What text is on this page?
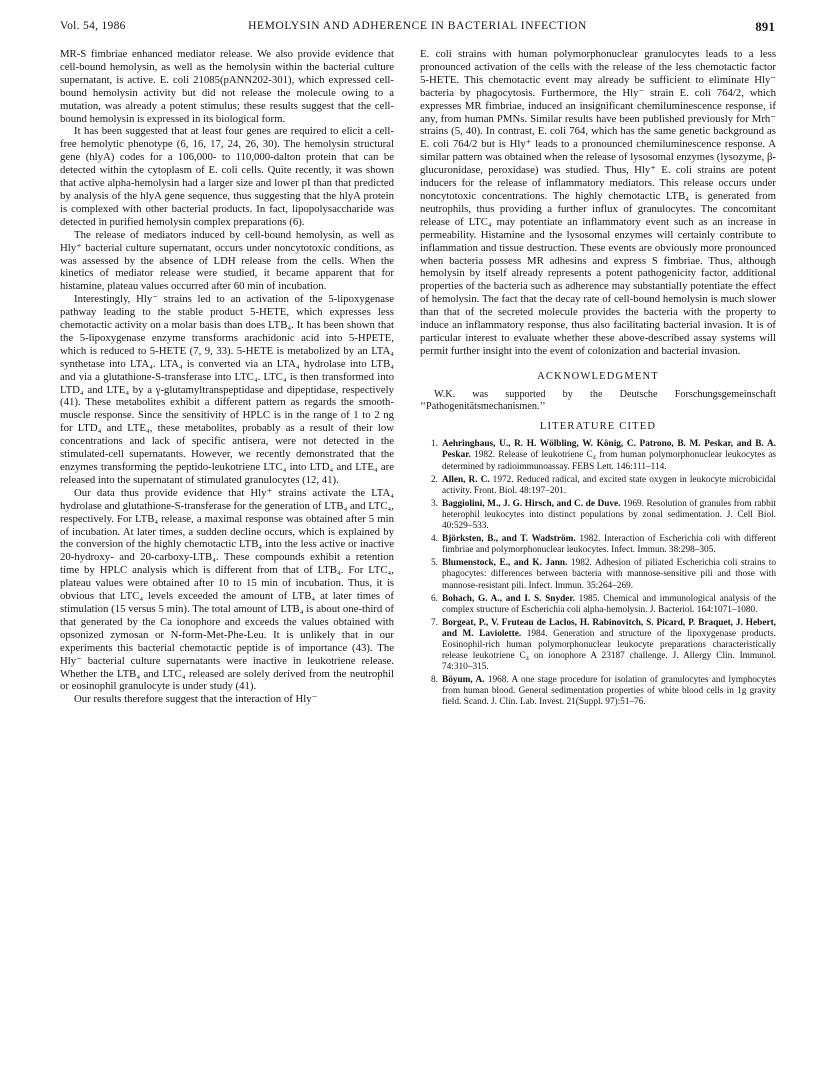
Vol. 54, 1986	HEMOLYSIN AND ADHERENCE IN BACTERIAL INFECTION	891

MR-S fimbriae enhanced mediator release. We also provide evidence that cell-bound hemolysin, as well as the hemolysin within the bacterial culture supernatant, is active. E. coli 21085(pANN202-301), which expressed cell-bound hemolysin activity but did not release the molecule owing to a mutation, was already a potent stimulus; these results suggest that the cell-bound hemolysin is expressed in its biological form.

It has been suggested that at least four genes are required to elicit a cell-free hemolytic phenotype (6, 16, 17, 24, 26, 30). The hemolysin structural gene (hlyA) codes for a 106,000- to 110,000-dalton protein that can be detected within the cytoplasm of E. coli cells. Quite recently, it was shown that active alpha-hemolysin had a larger size and lower pI than that predicted by analysis of the hlyA gene sequence, thus suggesting that the hlyA protein is complexed with other bacterial products. In fact, lipopolysaccharide was detected in purified hemolysin complex preparations (6).

The release of mediators induced by cell-bound hemolysin, as well as Hly⁺ bacterial culture supernatant, occurs under noncytotoxic conditions, as was assessed by the absence of LDH release from the cells. When the kinetics of mediator release were studied, it became apparent that for histamine, plateau values occurred after 60 min of incubation.

Interestingly, Hly⁻ strains led to an activation of the 5-lipoxygenase pathway leading to the stable product 5-HETE, which expresses less chemotactic activity on a molar basis than does LTB₄. It has been shown that the 5-lipoxygenase enzyme transforms arachidonic acid into 5-HPETE, which is reduced to 5-HETE (7, 9, 33). 5-HETE is metabolized by an LTA₄ synthetase into LTA₄. LTA₄ is converted via an LTA₄ hydrolase into LTB₄ and via a glutathione-S-transferase into LTC₄. LTC₄ is then transformed into LTD₄ and LTE₄ by a γ-glutamyltranspeptidase and dipeptidase, respectively (41). These metabolites exhibit a different pattern as regards the smooth-muscle response. Since the sensitivity of HPLC is in the range of 1 to 2 ng for LTD₄ and LTE₄, these metabolites, probably as a result of their low concentrations and lack of specific antisera, were not detected in the stimulated-cell supernatants. However, we recently demonstrated that the enzymes transforming the peptido-leukotriene LTC₄ into LTD₄ and LTE₄ are released into the supernatant of stimulated granulocytes (12, 41).

Our data thus provide evidence that Hly⁺ strains activate the LTA₄ hydrolase and glutathione-S-transferase for the generation of LTB₄ and LTC₄, respectively. For LTB₄ release, a maximal response was obtained after 5 min of incubation. At later times, a sudden decline occurs, which is explained by the conversion of the highly chemotactic LTB₄ into the less active or inactive 20-hydroxy- and 20-carboxy-LTB₄. These compounds exhibit a retention time by HPLC analysis which is different from that of LTB₄. For LTC₄, plateau values were obtained after 10 to 15 min of incubation. Thus, it is obvious that LTC₄ levels exceeded the amount of LTB₄ at later times of stimulation (15 versus 5 min). The total amount of LTB₄ is about one-third of that generated by the Ca ionophore and exceeds the values obtained with opsonized zymosan or N-form-Met-Phe-Leu. It is unlikely that in our experiments this bacterial chemotactic peptide is of importance (43). The Hly⁻ bacterial culture supernatants were inactive in leukotriene release. Whether the LTB₄ and LTC₄ released are solely derived from the neutrophil or eosinophil granulocyte is under study (41).

Our results therefore suggest that the interaction of Hly⁻

E. coli strains with human polymorphonuclear granulocytes leads to a less pronounced activation of the cells with the release of the less chemotactic factor 5-HETE. This chemotactic event may already be sufficient to eliminate Hly⁻ bacteria by phagocytosis. Furthermore, the Hly⁻ strain E. coli 764/2, which expresses MR fimbriae, induced an insignificant chemiluminescence response, if any, from human PMNs. Similar results have been published previously for Mrh⁻ strains (5, 40). In contrast, E. coli 764, which has the same genetic background as E. coli 764/2 but is Hly⁺ leads to a pronounced chemiluminescence response. A similar pattern was obtained when the release of lysosomal enzymes (lysozyme, β-glucuronidase, peroxidase) was studied. Thus, Hly⁺ E. coli strains are potent inducers for the release of inflammatory mediators. This release occurs under noncytotoxic concentrations. The highly chemotactic LTB₄ is generated from neutrophils, thus providing a further influx of granulocytes. The concomitant release of LTC₄ may potentiate an inflammatory event such as an increase in permeability. Histamine and the lysosomal enzymes will certainly contribute to inflammation and tissue destruction. These events are obviously more pronounced when bacteria possess MR adhesins and express S fimbriae. Thus, although hemolysin by itself already represents a potent pathogenicity factor, additional properties of the bacteria such as adherence may substantially potentiate the effect of hemolysin. The fact that the decay rate of cell-bound hemolysin is much slower than that of the secreted molecule provides the bacteria with the property to induce an inflammatory response, thus also facilitating bacterial invasion. It is of particular interest to evaluate whether these above-described assay systems will permit further insight into the event of colonization and bacterial invasion.

ACKNOWLEDGMENT

W.K. was supported by the Deutsche Forschungsgemeinschaft ‘‘Pathogenitätsmechanismen.’’

LITERATURE CITED
1. Aehringhaus, U., R. H. Wölbling, W. König, C. Patrono, B. M. Peskar, and B. A. Peskar. 1982. Release of leukotriene C₄ from human polymorphonuclear leukocytes as determined by radioimmunoassay. FEBS Lett. 146:111–114.
2. Allen, R. C. 1972. Reduced radical, and excited state oxygen in leukocyte microbicidal activity. Front. Biol. 48:197–201.
3. Baggiolini, M., J. G. Hirsch, and C. de Duve. 1969. Resolution of granules from rabbit heterophil leukocytes into distinct populations by zonal sedimentation. J. Cell Biol. 40:529–533.
4. Björksten, B., and T. Wadström. 1982. Interaction of Escherichia coli with different fimbriae and polymorphonuclear leukocytes. Infect. Immun. 38:298–305.
5. Blumenstock, E., and K. Jann. 1982. Adhesion of piliated Escherichia coli strains to phagocytes: differences between bacteria with mannose-sensitive pili and those with mannose-resistant pili. Infect. Immun. 35:264–269.
6. Bohach, G. A., and I. S. Snyder. 1985. Chemical and immunological analysis of the complex structure of Escherichia coli alpha-hemolysin. J. Bacteriol. 164:1071–1080.
7. Borgeat, P., V. Fruteau de Laclos, H. Rabinovitch, S. Picard, P. Braquet, J. Hebert, and M. Laviolette. 1984. Generation and structure of the lipoxygenase products. Eosinophil-rich human polymorphonuclear leukocyte preparations characteristically release leukotriene C₄ on ionophore A 23187 challenge. J. Allergy Clin. Immunol. 74:310–315.
8. Böyum, A. 1968. A one stage procedure for isolation of granulocytes and lymphocytes from human blood. General sedimentation properties of white blood cells in 1g gravity field. Scand. J. Clin. Lab. Invest. 21(Suppl. 97):51–76.
